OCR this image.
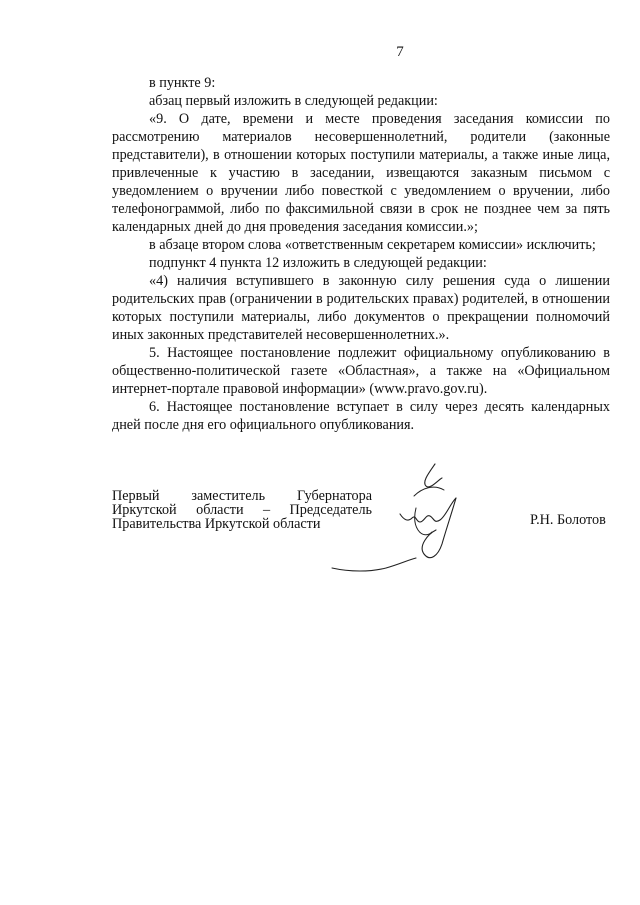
7

в пункте 9:

абзац первый изложить в следующей редакции:

«9. О дате, времени и месте проведения заседания комиссии по рассмотрению материалов несовершеннолетний, родители (законные представители), в отношении которых поступили материалы, а также иные лица, привлеченные к участию в заседании, извещаются заказным письмом с уведомлением о вручении либо повесткой с уведомлением о вручении, либо телефонограммой, либо по факсимильной связи в срок не позднее чем за пять календарных дней до дня проведения заседания комиссии.»;

в абзаце втором слова «ответственным секретарем комиссии» исключить;

подпункт 4 пункта 12 изложить в следующей редакции:

«4) наличия вступившего в законную силу решения суда о лишении родительских прав (ограничении в родительских правах) родителей, в отношении которых поступили материалы, либо документов о прекращении полномочий иных законных представителей несовершеннолетних.».

5. Настоящее постановление подлежит официальному опубликованию в общественно-политической газете «Областная», а также на «Официальном интернет-портале правовой информации» (www.pravo.gov.ru).

6. Настоящее постановление вступает в силу через десять календарных дней после дня его официального опубликования.

Первый заместитель Губернатора
Иркутской области – Председатель
Правительства Иркутской области	Р.Н. Болотов
